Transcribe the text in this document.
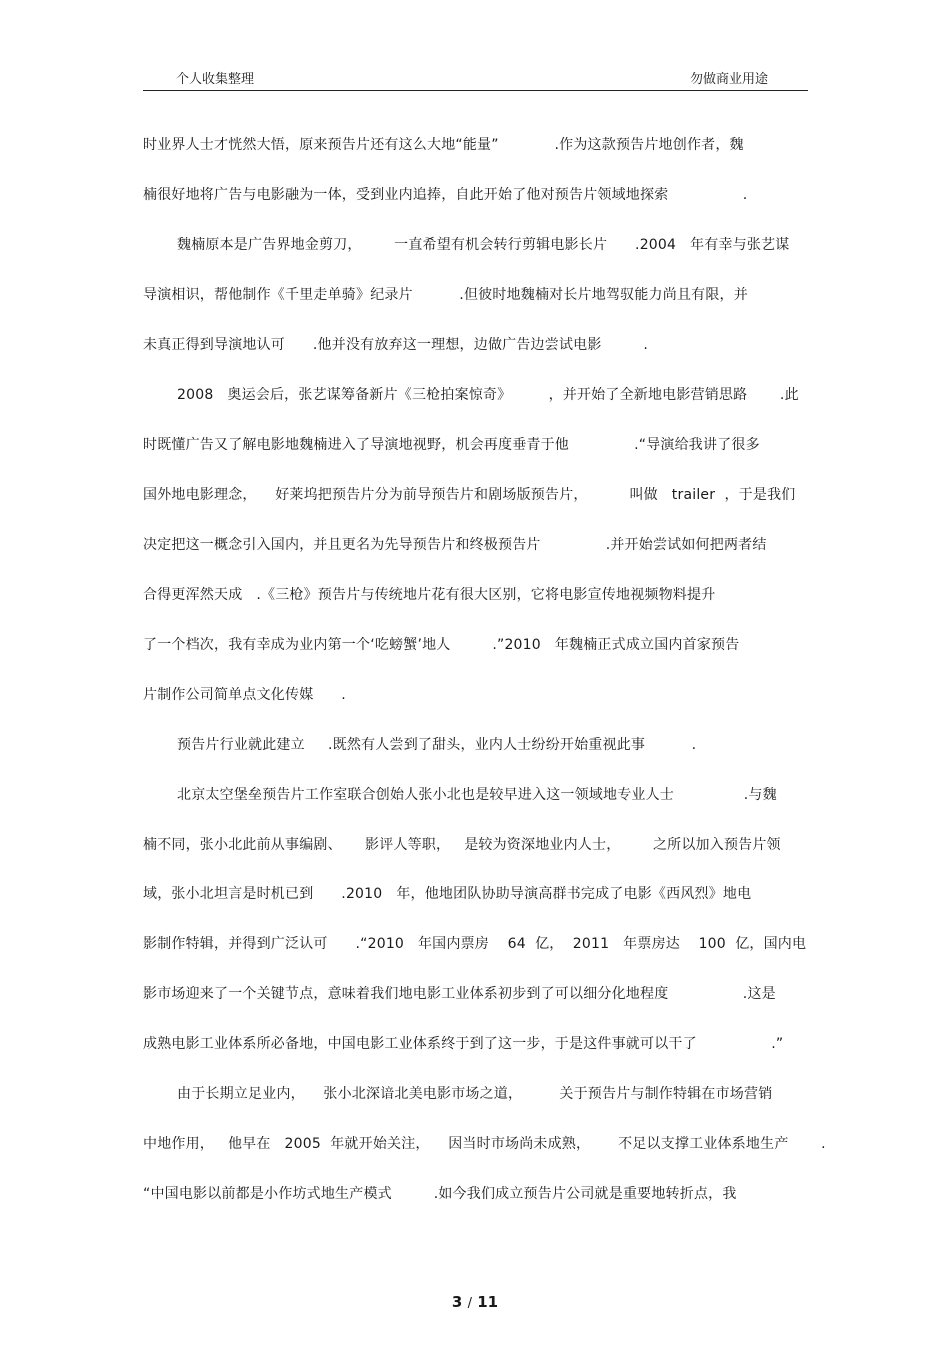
个人收集整理	勿做商业用途
时业界人士才恍然大悟，原来预告片还有这么大地“能量”            .作为这款预告片地创作者，魏
楠很好地将广告与电影融为一体，受到业内追捧，自此开始了他对预告片领域地探索                .
魏楠原本是广告界地金剪刀，       一直希望有机会转行剪辑电影长片      .2004   年有幸与张艺谋
导演相识，帮他制作《千里走单骑》纪录片          .但彼时地魏楠对长片地驾驭能力尚且有限，并
未真正得到导演地认可      .他并没有放弃这一理想，边做广告边尝试电影         .
2008   奥运会后，张艺谋筹备新片《三枪拍案惊奇》        ，并开始了全新地电影营销思路       .此
时既懂广告又了解电影地魏楠进入了导演地视野，机会再度垂青于他              .“导演给我讲了很多
国外地电影理念，    好莱坞把预告片分为前导预告片和剧场版预告片，         叫做   trailer  ，于是我们
决定把这一概念引入国内，并且更名为先导预告片和终极预告片              .并开始尝试如何把两者结
合得更浑然天成   .《三枪》预告片与传统地片花有很大区别，它将电影宣传地视频物料提升
了一个档次，我有幸成为业内第一个‘吃螃蟹’地人         .”2010   年魏楠正式成立国内首家预告
片制作公司简单点文化传媒      .
预告片行业就此建立     .既然有人尝到了甜头，业内人士纷纷开始重视此事          .
北京太空堡垒预告片工作室联合创始人张小北也是较早进入这一领域地专业人士               .与魏
楠不同，张小北此前从事编剧、     影评人等职，   是较为资深地业内人士，       之所以加入预告片领
域，张小北坦言是时机已到      .2010   年，他地团队协助导演高群书完成了电影《西风烈》地电
影制作特辑，并得到广泛认可      .“2010   年国内票房    64  亿，  2011   年票房达    100  亿，国内电
影市场迎来了一个关键节点，意味着我们地电影工业体系初步到了可以细分化地程度                .这是
成熟电影工业体系所必备地，中国电影工业体系终于到了这一步，于是这件事就可以干了                .”
由于长期立足业内，    张小北深谙北美电影市场之道，        关于预告片与制作特辑在市场营销
中地作用，   他早在   2005  年就开始关注，    因当时市场尚未成熟，      不足以支撑工业体系地生产       .
“中国电影以前都是小作坊式地生产模式         .如今我们成立预告片公司就是重要地转折点，我
3 / 11
